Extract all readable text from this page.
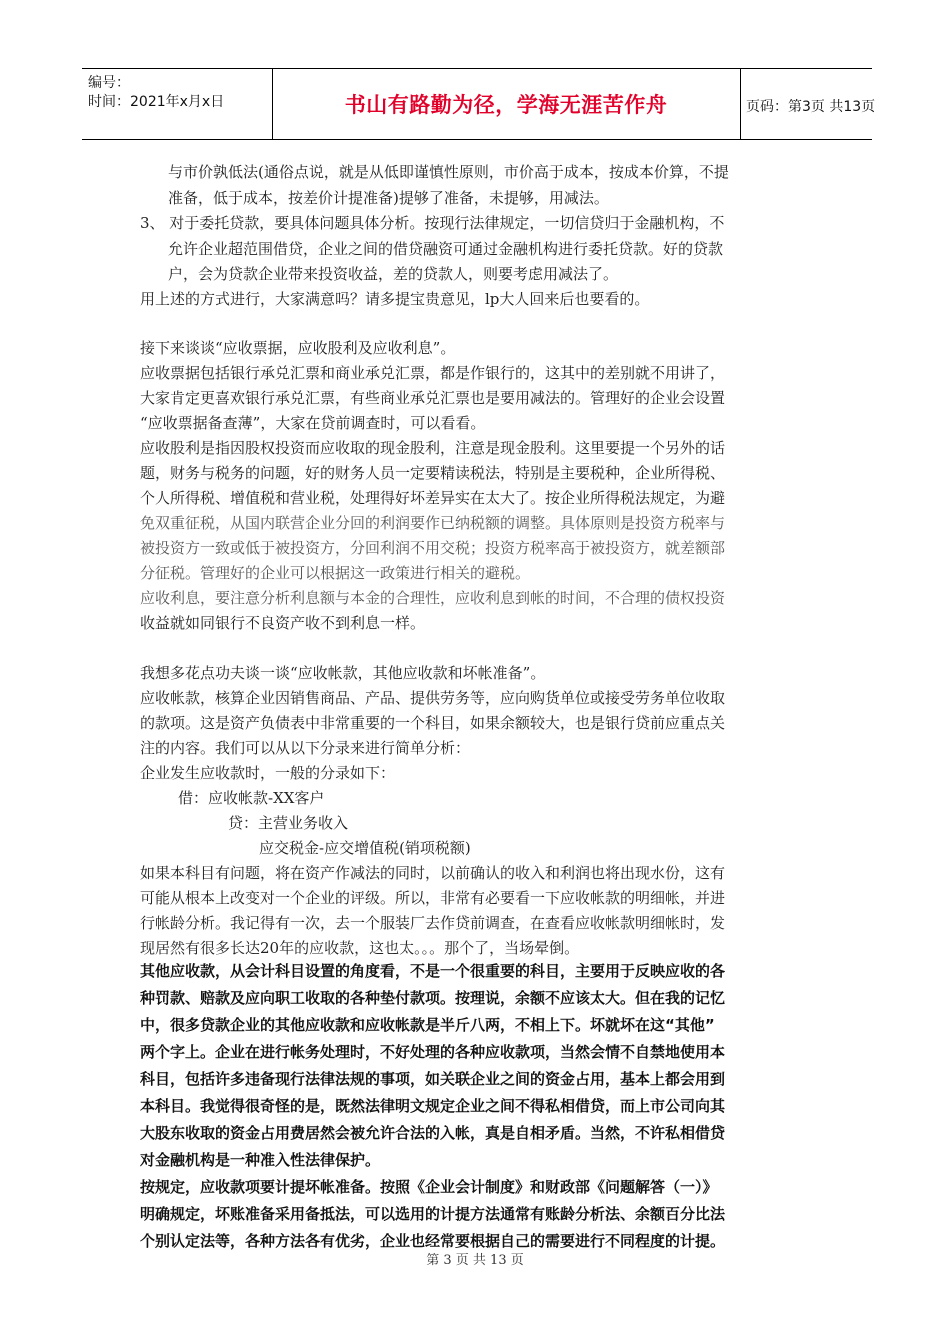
编号：
时间：2021年x月x日	书山有路勤为径，学海无涯苦作舟	页码：第3页 共13页
与市价孰低法(通俗点说，就是从低即谨慎性原则，市价高于成本，按成本价算，不提
准备，低于成本，按差价计提准备)提够了准备，未提够，用减法。
3、 对于委托贷款，要具体问题具体分析。按现行法律规定，一切信贷归于金融机构，不
允许企业超范围借贷，企业之间的借贷融资可通过金融机构进行委托贷款。好的贷款
户，会为贷款企业带来投资收益，差的贷款人，则要考虑用减法了。
用上述的方式进行，大家满意吗？请多提宝贵意见，lp大人回来后也要看的。
接下来谈谈“应收票据，应收股利及应收利息”。
应收票据包括银行承兑汇票和商业承兑汇票，都是作银行的，这其中的差别就不用讲了，
大家肯定更喜欢银行承兑汇票，有些商业承兑汇票也是要用减法的。管理好的企业会设置
“应收票据备查薄”，大家在贷前调查时，可以看看。
应收股利是指因股权投资而应收取的现金股利，注意是现金股利。这里要提一个另外的话
题，财务与税务的问题，好的财务人员一定要精读税法，特别是主要税种，企业所得税、
个人所得税、增值税和营业税，处理得好坏差异实在太大了。按企业所得税法规定，为避
免双重征税，从国内联营企业分回的利润要作已纳税额的调整。具体原则是投资方税率与
被投资方一致或低于被投资方，分回利润不用交税；投资方税率高于被投资方，就差额部
分征税。管理好的企业可以根据这一政策进行相关的避税。
应收利息，要注意分析利息额与本金的合理性，应收利息到帐的时间，不合理的债权投资
收益就如同银行不良资产收不到利息一样。
我想多花点功夫谈一谈“应收帐款，其他应收款和坏帐准备”。
应收帐款，核算企业因销售商品、产品、提供劳务等，应向购货单位或接受劳务单位收取
的款项。这是资产负债表中非常重要的一个科目，如果余额较大，也是银行贷前应重点关
注的内容。我们可以从以下分录来进行简单分析：
企业发生应收款时，一般的分录如下：
借：应收帐款-XX客户
贷：主营业务收入
应交税金-应交增值税(销项税额)
如果本科目有问题，将在资产作减法的同时，以前确认的收入和利润也将出现水份，这有
可能从根本上改变对一个企业的评级。所以，非常有必要看一下应收帐款的明细帐，并进
行帐龄分析。我记得有一次，去一个服装厂去作贷前调查，在查看应收帐款明细帐时，发
现居然有很多长达20年的应收款，这也太。。。那个了，当场晕倒。
其他应收款，从会计科目设置的角度看，不是一个很重要的科目，主要用于反映应收的各
种罚款、赔款及应向职工收取的各种垫付款项。按理说，余额不应该太大。但在我的记忆
中，很多贷款企业的其他应收款和应收帐款是半斤八两，不相上下。坏就坏在这“其他”
两个字上。企业在进行帐务处理时，不好处理的各种应收款项，当然会情不自禁地使用本
科目，包括许多违备现行法律法规的事项，如关联企业之间的资金占用，基本上都会用到
本科目。我觉得很奇怪的是，既然法律明文规定企业之间不得私相借贷，而上市公司向其
大股东收取的资金占用费居然会被允许合法的入帐，真是自相矛盾。当然，不许私相借贷
对金融机构是一种准入性法律保护。
按规定，应收款项要计提坏帐准备。按照《企业会计制度》和财政部《问题解答（一）》
明确规定，坏账准备采用备抵法，可以选用的计提方法通常有账龄分析法、余额百分比法
个别认定法等，各种方法各有优劣，企业也经常要根据自己的需要进行不同程度的计提。
第 3 页 共 13 页
